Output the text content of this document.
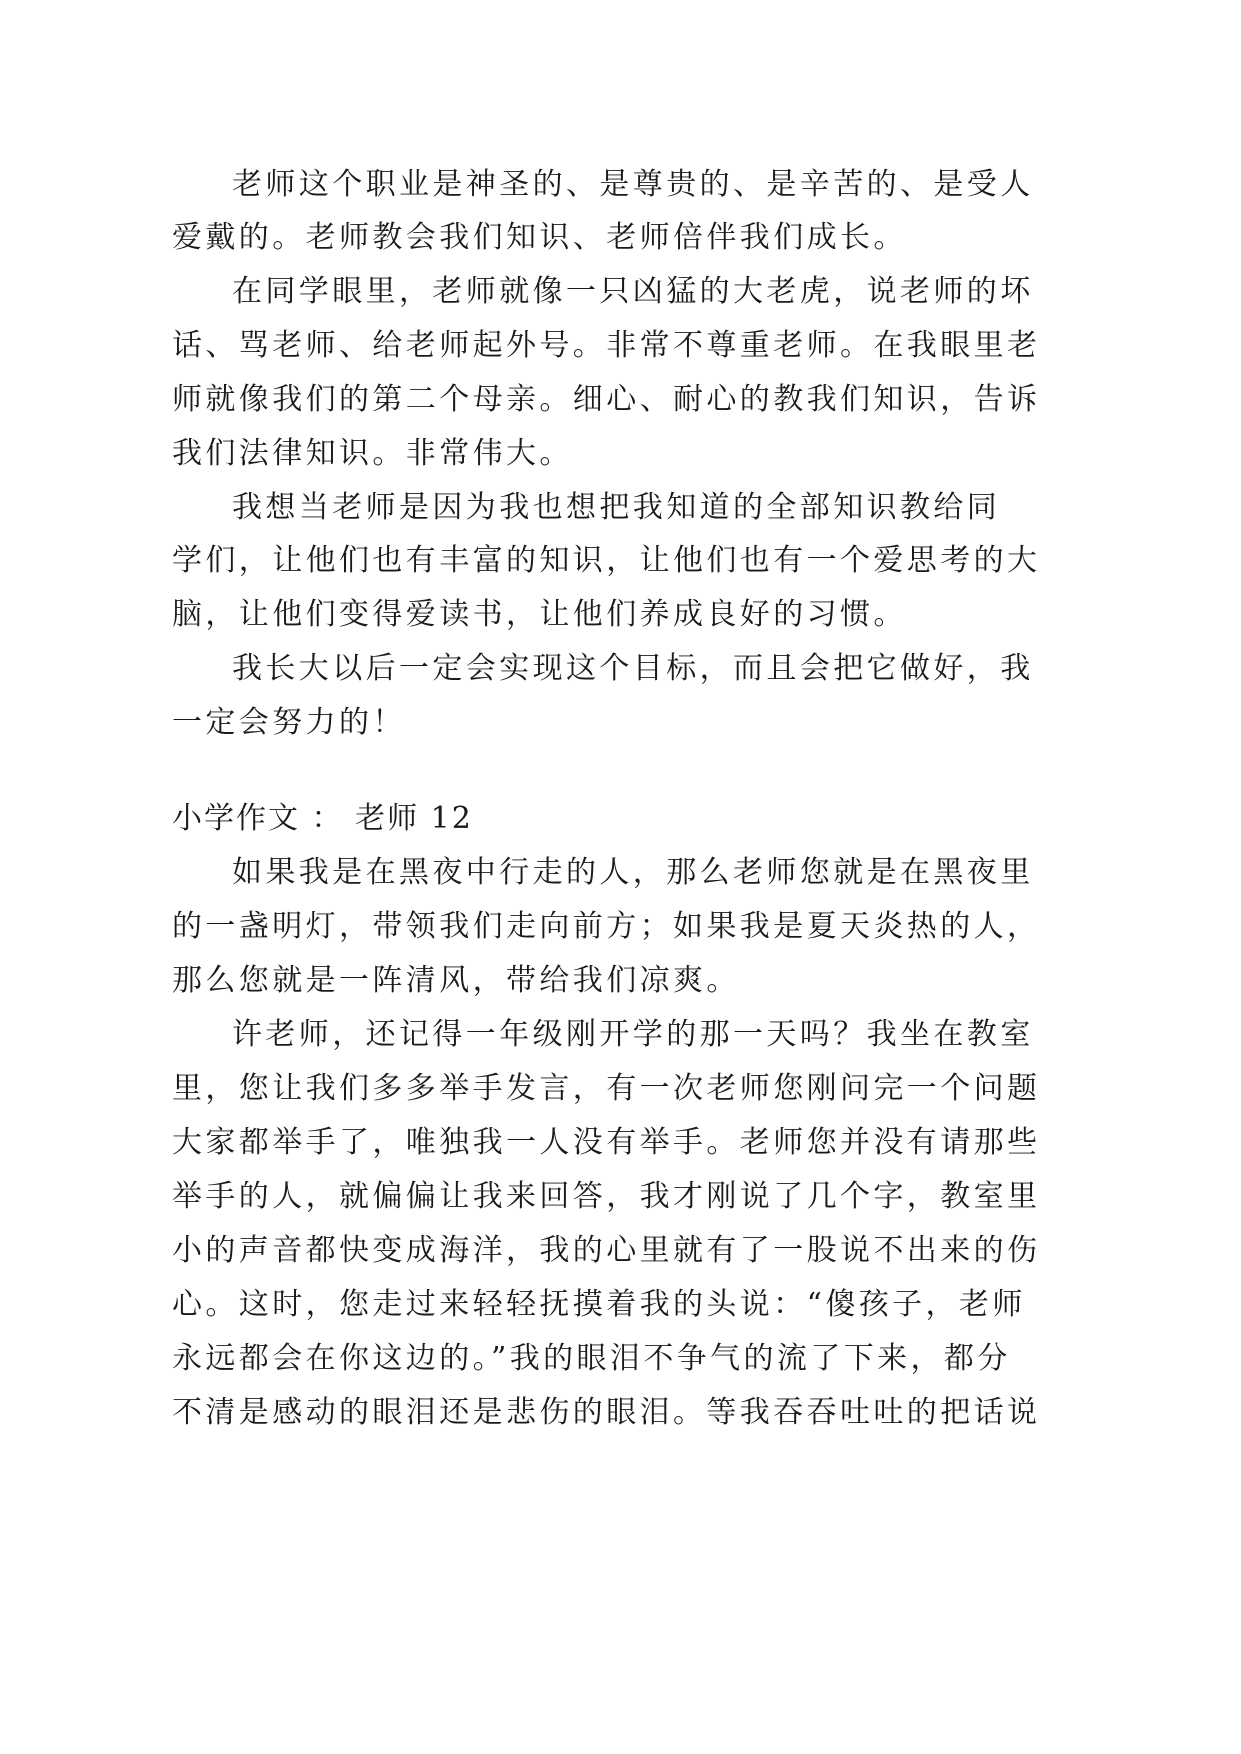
老师这个职业是神圣的、是尊贵的、是辛苦的、是受人

爱戴的。老师教会我们知识、老师倍伴我们成长。

在同学眼里，老师就像一只凶猛的大老虎，说老师的坏

话、骂老师、给老师起外号。非常不尊重老师。在我眼里老

师就像我们的第二个母亲。细心、耐心的教我们知识，告诉

我们法律知识。非常伟大。

我想当老师是因为我也想把我知道的全部知识教给同

学们，让他们也有丰富的知识，让他们也有一个爱思考的大

脑，让他们变得爱读书，让他们养成良好的习惯。

我长大以后一定会实现这个目标，而且会把它做好，我

一定会努力的！

小学作文 ： 老师 12

如果我是在黑夜中行走的人，那么老师您就是在黑夜里

的一盏明灯，带领我们走向前方；如果我是夏天炎热的人，

那么您就是一阵清风，带给我们凉爽。

许老师，还记得一年级刚开学的那一天吗？我坐在教室

里，您让我们多多举手发言，有一次老师您刚问完一个问题

大家都举手了，唯独我一人没有举手。老师您并没有请那些

举手的人，就偏偏让我来回答，我才刚说了几个字，教室里

小的声音都快变成海洋，我的心里就有了一股说不出来的伤

心。这时，您走过来轻轻抚摸着我的头说：“傻孩子，老师

永远都会在你这边的。”我的眼泪不争气的流了下来，都分

不清是感动的眼泪还是悲伤的眼泪。等我吞吞吐吐的把话说
